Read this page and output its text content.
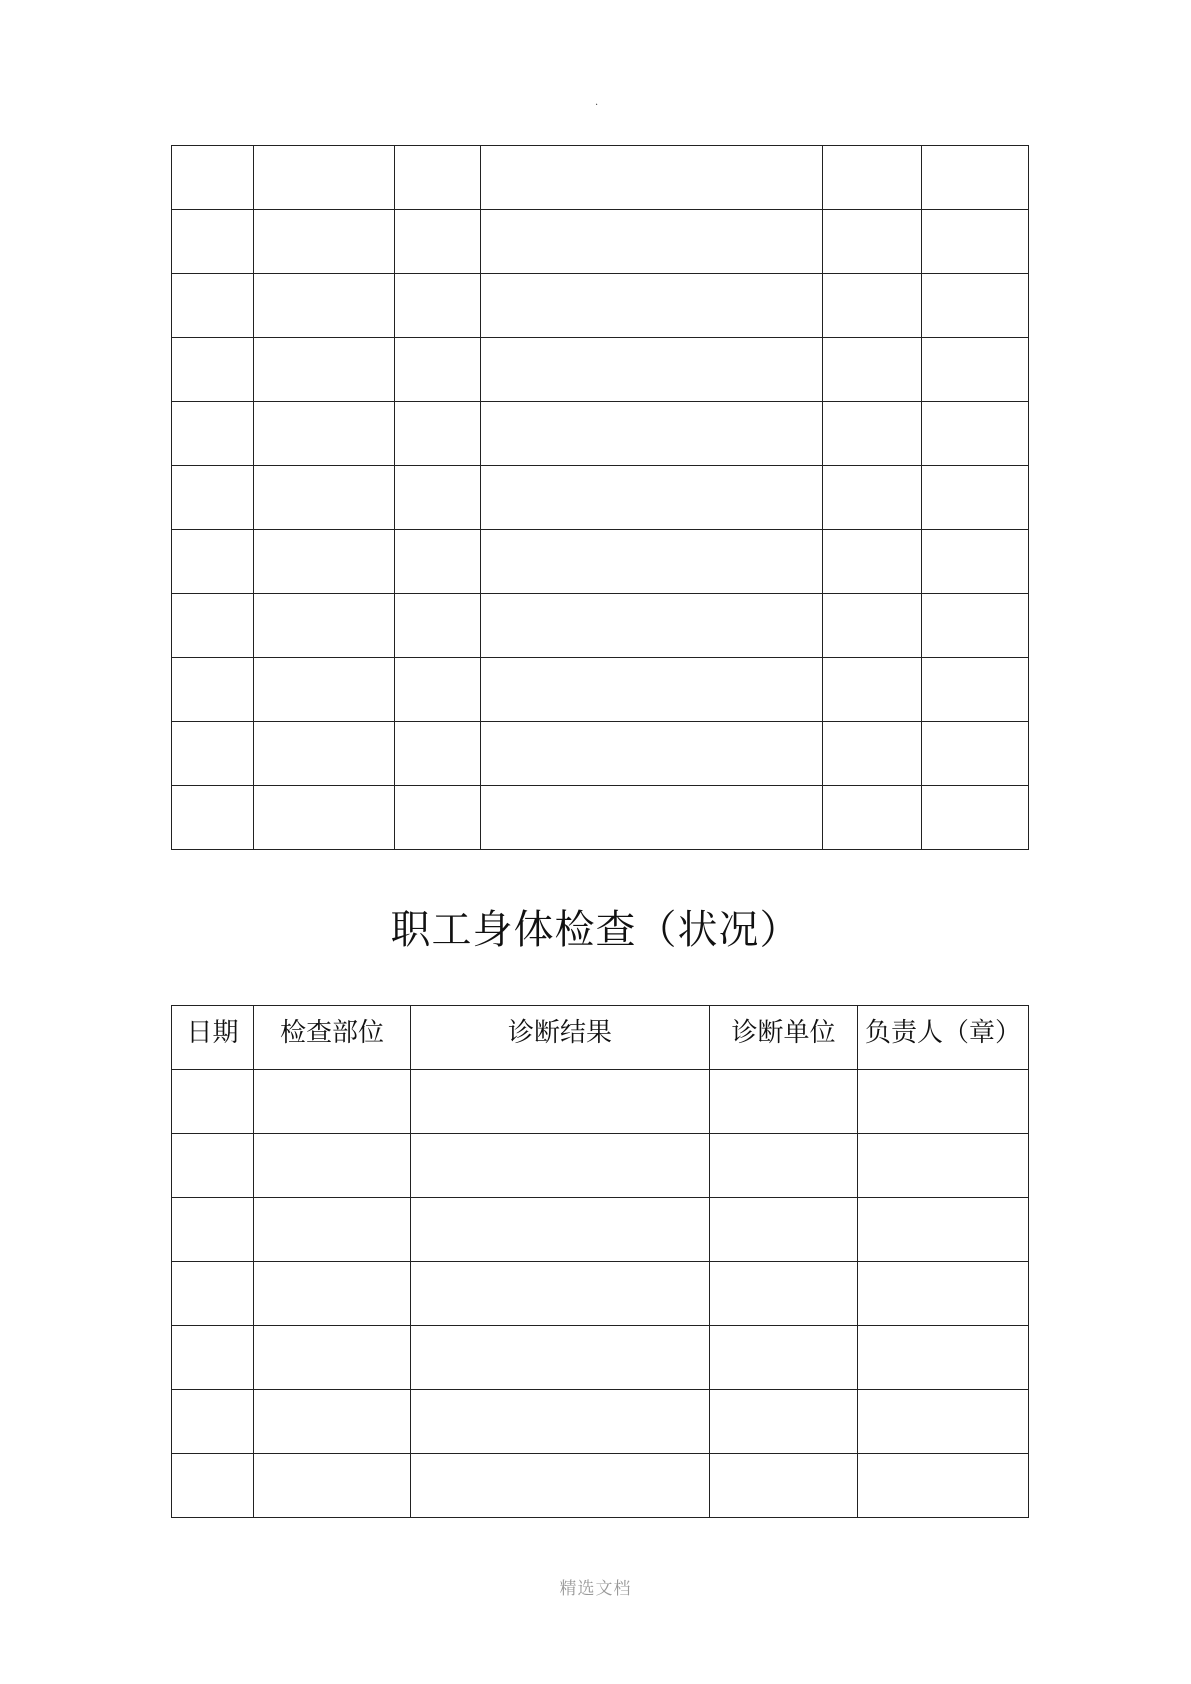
.

职工身体检查（状况）
日期	检查部位	诊断结果	诊断单位	负责人（章）

精选文档
